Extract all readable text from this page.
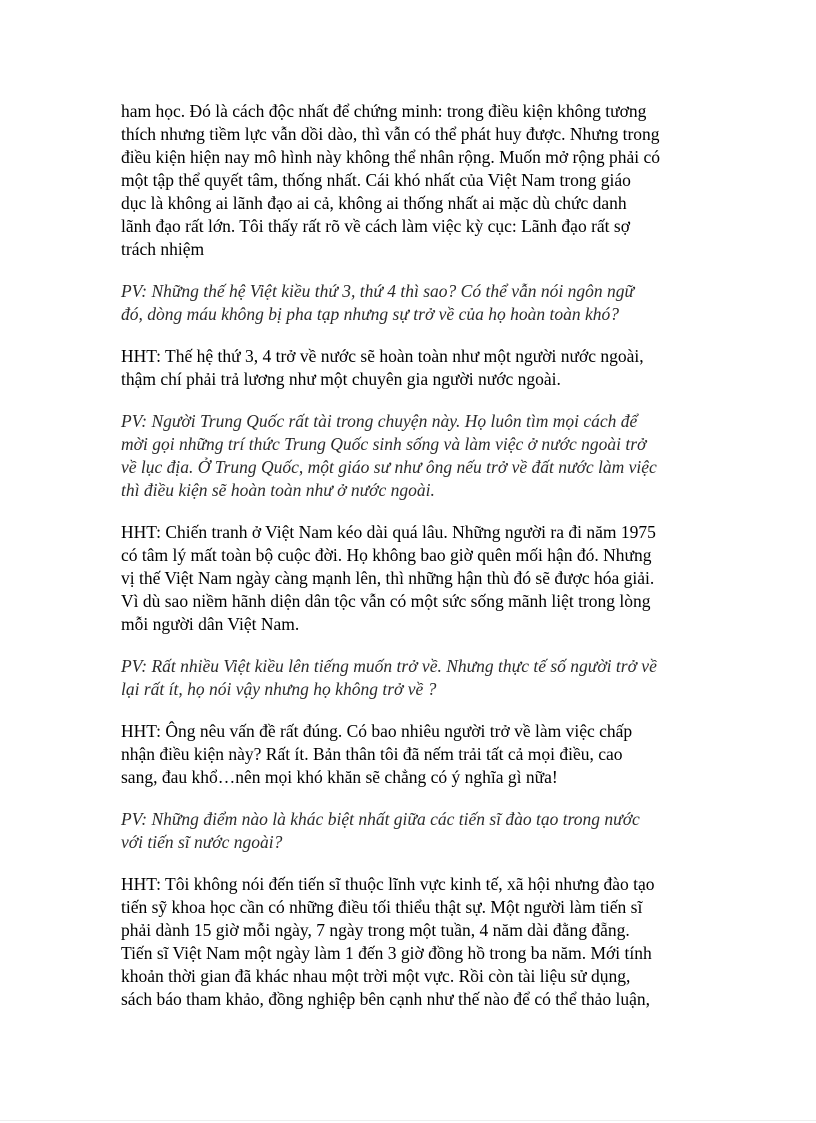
ham học. Đó là cách độc nhất để chứng minh: trong điều kiện không tương
thích nhưng tiềm lực vẫn dồi dào, thì vẫn có thể phát huy được. Nhưng trong
điều kiện hiện nay mô hình này không thể nhân rộng. Muốn mở rộng phải có
một tập thể quyết tâm, thống nhất. Cái khó nhất của Việt Nam trong giáo
dục là không ai lãnh đạo ai cả, không ai thống nhất ai mặc dù chức danh
lãnh đạo rất lớn. Tôi thấy rất rõ về cách làm việc kỳ cục: Lãnh đạo rất sợ
trách nhiệm

PV: Những thế hệ Việt kiều thứ 3, thứ 4 thì sao? Có thể vẫn nói ngôn ngữ
đó, dòng máu không bị pha tạp nhưng sự trở về của họ hoàn toàn khó?

HHT: Thế hệ thứ 3, 4 trở về nước sẽ hoàn toàn như một người nước ngoài,
thậm chí phải trả lương như một chuyên gia người nước ngoài.

PV: Người Trung Quốc rất tài trong chuyện này. Họ luôn tìm mọi cách để
mời gọi những trí thức Trung Quốc sinh sống và làm việc ở nước ngoài trở
về lục địa. Ở Trung Quốc, một giáo sư như ông nếu trở về đất nước làm việc
thì điều kiện sẽ hoàn toàn như ở nước ngoài.

HHT: Chiến tranh ở Việt Nam kéo dài quá lâu. Những người ra đi năm 1975
có tâm lý mất toàn bộ cuộc đời. Họ không bao giờ quên mối hận đó. Nhưng
vị thế Việt Nam ngày càng mạnh lên, thì những hận thù đó sẽ được hóa giải.
Vì dù sao niềm hãnh diện dân tộc vẫn có một sức sống mãnh liệt trong lòng
mỗi người dân Việt Nam.

PV: Rất nhiều Việt kiều lên tiếng muốn trở về. Nhưng thực tế số người trở về
lại rất ít, họ nói vậy nhưng họ không trở về ?

HHT: Ông nêu vấn đề rất đúng. Có bao nhiêu người trở về làm việc chấp
nhận điều kiện này? Rất ít. Bản thân tôi đã nếm trải tất cả mọi điều, cao
sang, đau khổ…nên mọi khó khăn sẽ chẳng có ý nghĩa gì nữa!

PV: Những điểm nào là khác biệt nhất giữa các tiến sĩ đào tạo trong nước
với tiến sĩ nước ngoài?

HHT: Tôi không nói đến tiến sĩ thuộc lĩnh vực kinh tế, xã hội nhưng đào tạo
tiến sỹ khoa học cần có những điều tối thiểu thật sự. Một người làm tiến sĩ
phải dành 15 giờ mỗi ngày, 7 ngày trong một tuần, 4 năm dài đằng đẵng.
Tiến sĩ Việt Nam một ngày làm 1 đến 3 giờ đồng hồ trong ba năm. Mới tính
khoản thời gian đã khác nhau một trời một vực. Rồi còn tài liệu sử dụng,
sách báo tham khảo, đồng nghiệp bên cạnh như thế nào để có thể thảo luận,
